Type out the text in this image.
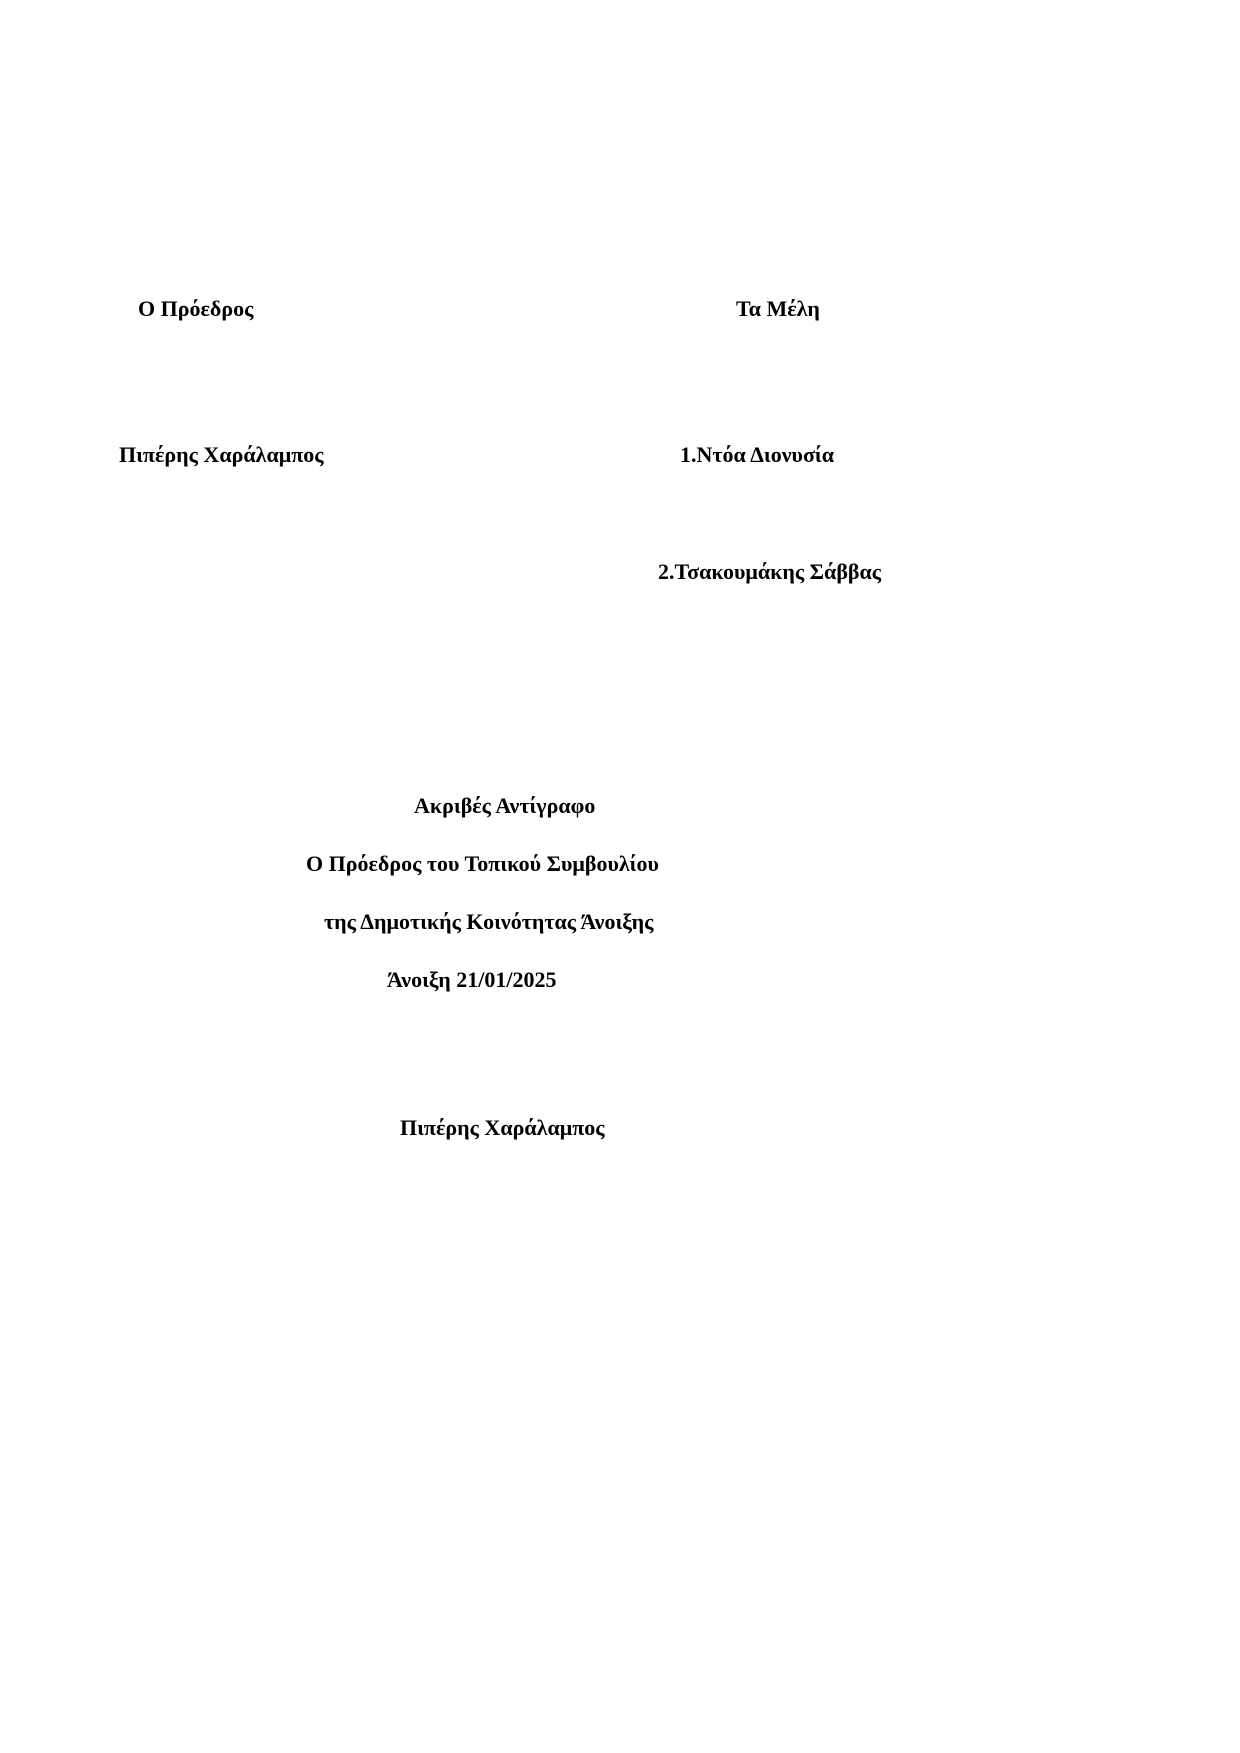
Ο Πρόεδρος	Τα Μέλη
Πιπέρης Χαράλαμπος	1.Ντόα Διονυσία
2.Τσακουμάκης Σάββας
Ακριβές Αντίγραφο
Ο Πρόεδρος του Τοπικού Συμβουλίου
της Δημοτικής Κοινότητας Άνοιξης
Άνοιξη 21/01/2025
Πιπέρης Χαράλαμπος
